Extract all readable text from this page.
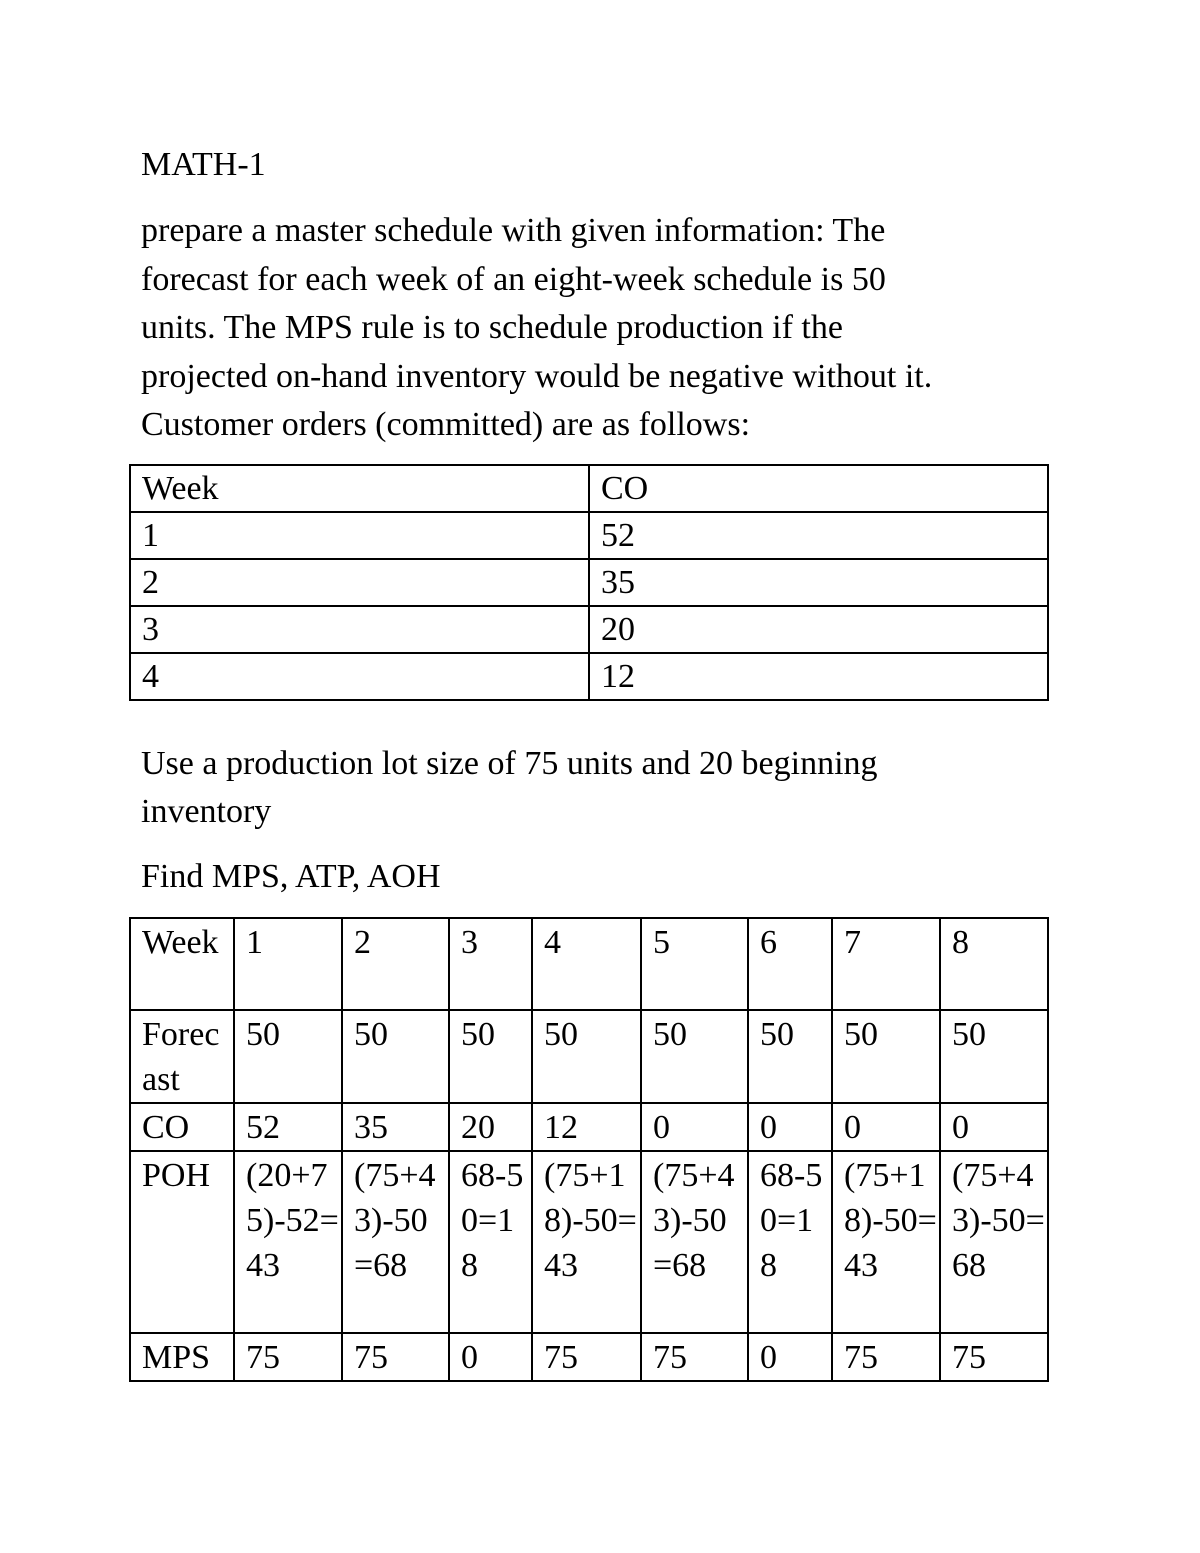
MATH-1

prepare a master schedule with given information: The
forecast for each week of an eight-week schedule is 50
units. The MPS rule is to schedule production if the
projected on-hand inventory would be negative without it.
Customer orders (committed) are as follows:

Week	CO
1	52
2	35
3	20
4	12

Use a production lot size of 75 units and 20 beginning
inventory

Find MPS, ATP, AOH

Week	1	2	3	4	5	6	7	8
Forecast	50	50	50	50	50	50	50	50
CO	52	35	20	12	0	0	0	0
POH	(20+75)-52=43	(75+43)-50=68	68-50=18	(75+18)-50=43	(75+43)-50=68	68-50=18	(75+18)-50=43	(75+43)-50=68
MPS	75	75	0	75	75	0	75	75
